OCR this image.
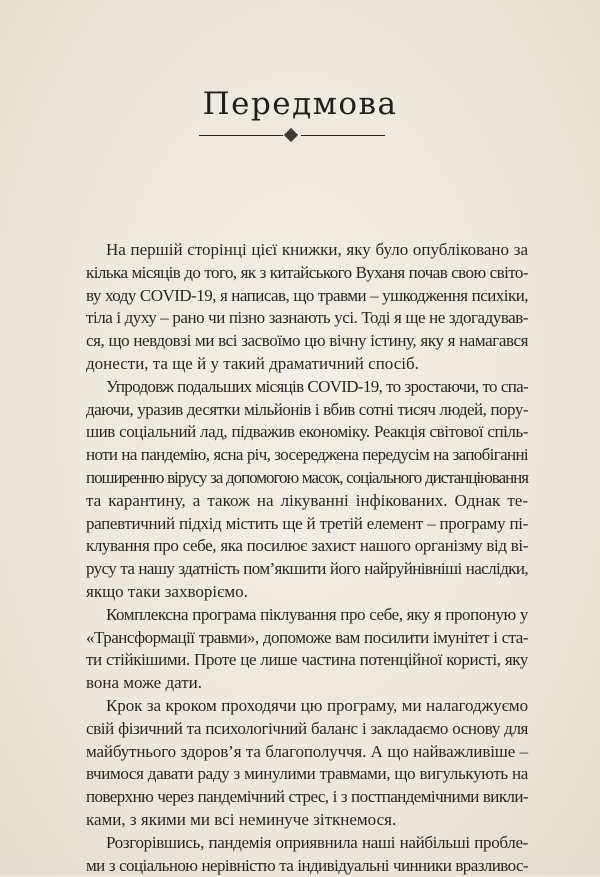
Передмова
На першій сторінці цієї книжки, яку було опубліковано за
кілька місяців до того, як з китайського Вуханя почав свою світо-
ву ходу COVID-19, я написав, що травми – ушкодження психіки,
тіла і духу – рано чи пізно зазнають усі. Тоді я ще не здогадував-
ся, що невдовзі ми всі засвоїмо цю вічну істину, яку я намагався
донести, та ще й у такий драматичний спосіб.
Упродовж подальших місяців COVID-19, то зростаючи, то спа-
даючи, уразив десятки мільйонів і вбив сотні тисяч людей, пору-
шив соціальний лад, підважив економіку. Реакція світової спіль-
ноти на пандемію, ясна річ, зосереджена передусім на запобіганні
поширенню вірусу за допомогою масок, соціального дистанціювання
та карантину, а також на лікуванні інфікованих. Однак те-
рапевтичний підхід містить ще й третій елемент – програму пі-
клування про себе, яка посилює захист нашого організму від ві-
русу та нашу здатність пом’якшити його найруйнівніші наслідки,
якщо таки захворіємо.
Комплексна програма піклування про себе, яку я пропоную у
«Трансформації травми», допоможе вам посилити імунітет і ста-
ти стійкішими. Проте це лише частина потенційної користі, яку
вона може дати.
Крок за кроком проходячи цю програму, ми налагоджуємо
свій фізичний та психологічний баланс і закладаємо основу для
майбутнього здоров’я та благополуччя. А що найважливіше –
вчимося давати раду з минулими травмами, що вигулькують на
поверхню через пандемічний стрес, і з постпандемічними викли-
ками, з якими ми всі неминуче зіткнемося.
Розгорівшись, пандемія оприявнила наші найбільші пробле-
ми з соціальною нерівністю та індивідуальні чинники вразливос-
